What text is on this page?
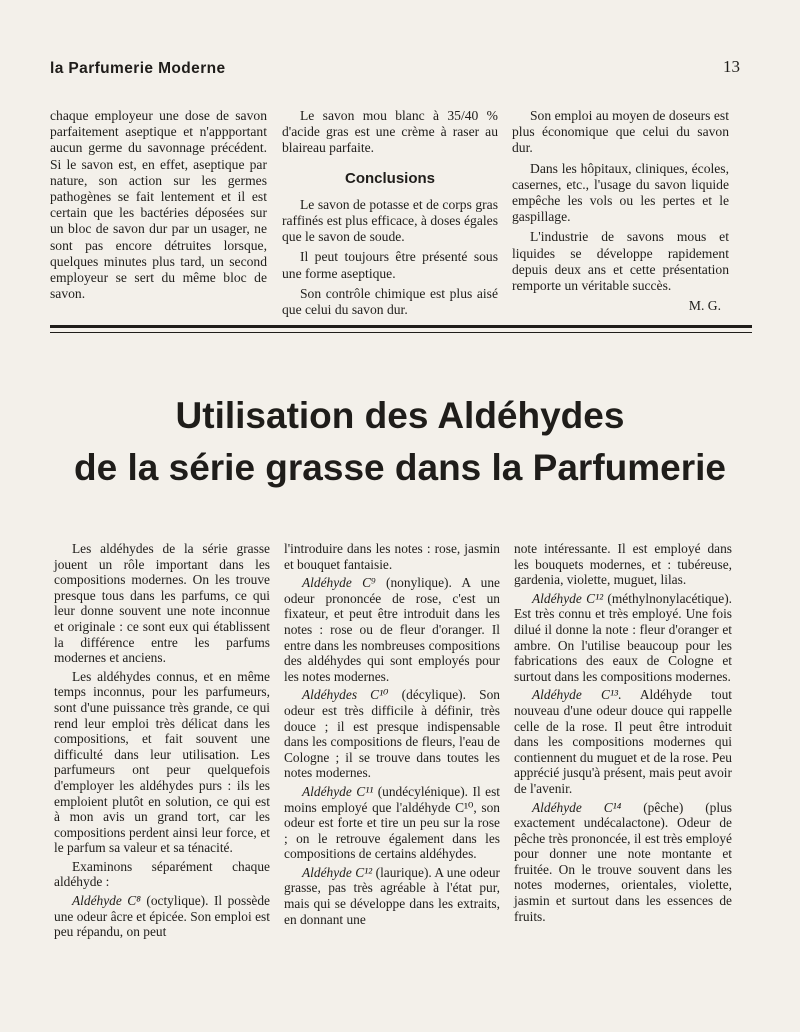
la Parfumerie Moderne	13

chaque employeur une dose de savon parfaitement aseptique et n'appportant aucun germe du savonnage précédent. Si le savon est, en effet, aseptique par nature, son action sur les germes pathogènes se fait lentement et il est certain que les bactéries déposées sur un bloc de savon dur par un usager, ne sont pas encore détruites lorsque, quelques minutes plus tard, un second employeur se sert du même bloc de savon.

Le savon mou blanc à 35/40 % d'acide gras est une crème à raser au blaireau parfaite.

Conclusions

Le savon de potasse et de corps gras raffinés est plus efficace, à doses égales que le savon de soude.

Il peut toujours être présenté sous une forme aseptique.

Son contrôle chimique est plus aisé que celui du savon dur.

Son emploi au moyen de doseurs est plus économique que celui du savon dur.

Dans les hôpitaux, cliniques, écoles, casernes, etc., l'usage du savon liquide empêche les vols ou les pertes et le gaspillage.

L'industrie de savons mous et liquides se développe rapidement depuis deux ans et cette présentation remporte un véritable succès.

M. G.
Utilisation des Aldéhydes
de la série grasse dans la Parfumerie

Les aldéhydes de la série grasse jouent un rôle important dans les compositions modernes. On les trouve presque tous dans les parfums, ce qui leur donne souvent une note inconnue et originale : ce sont eux qui établissent la différence entre les parfums modernes et anciens.

Les aldéhydes connus, et en même temps inconnus, pour les parfumeurs, sont d'une puissance très grande, ce qui rend leur emploi très délicat dans les compositions, et fait souvent une difficulté dans leur utilisation. Les parfumeurs ont peur quelquefois d'employer les aldéhydes purs : ils les emploient plutôt en solution, ce qui est à mon avis un grand tort, car les compositions perdent ainsi leur force, et le parfum sa valeur et sa ténacité.

Examinons séparément chaque aldéhyde :

Aldéhyde C⁸ (octylique). Il possède une odeur âcre et épicée. Son emploi est peu répandu, on peut

l'introduire dans les notes : rose, jasmin et bouquet fantaisie.

Aldéhyde C⁹ (nonylique). A une odeur prononcée de rose, c'est un fixateur, et peut être introduit dans les notes : rose ou de fleur d'oranger. Il entre dans les nombreuses compositions des aldéhydes qui sont employés pour les notes modernes.

Aldéhydes C¹⁰ (décylique). Son odeur est très difficile à définir, très douce ; il est presque indispensable dans les compositions de fleurs, l'eau de Cologne ; il se trouve dans toutes les notes modernes.

Aldéhyde C¹¹ (undécylénique). Il est moins employé que l'aldéhyde C¹⁰, son odeur est forte et tire un peu sur la rose ; on le retrouve également dans les compositions de certains aldéhydes.

Aldéhyde C¹² (laurique). A une odeur grasse, pas très agréable à l'état pur, mais qui se développe dans les extraits, en donnant une

note intéressante. Il est employé dans les bouquets modernes, et : tubéreuse, gardenia, violette, muguet, lilas.

Aldéhyde C¹² (méthylnonylacétique). Est très connu et très employé. Une fois dilué il donne la note : fleur d'oranger et ambre. On l'utilise beaucoup pour les fabrications des eaux de Cologne et surtout dans les compositions modernes.

Aldéhyde C¹³. Aldéhyde tout nouveau d'une odeur douce qui rappelle celle de la rose. Il peut être introduit dans les compositions modernes qui contiennent du muguet et de la rose. Peu apprécié jusqu'à présent, mais peut avoir de l'avenir.

Aldéhyde C¹⁴ (pêche) (plus exactement undécalactone). Odeur de pêche très prononcée, il est très employé pour donner une note montante et fruitée. On le trouve souvent dans les notes modernes, orientales, violette, jasmin et surtout dans les essences de fruits.
